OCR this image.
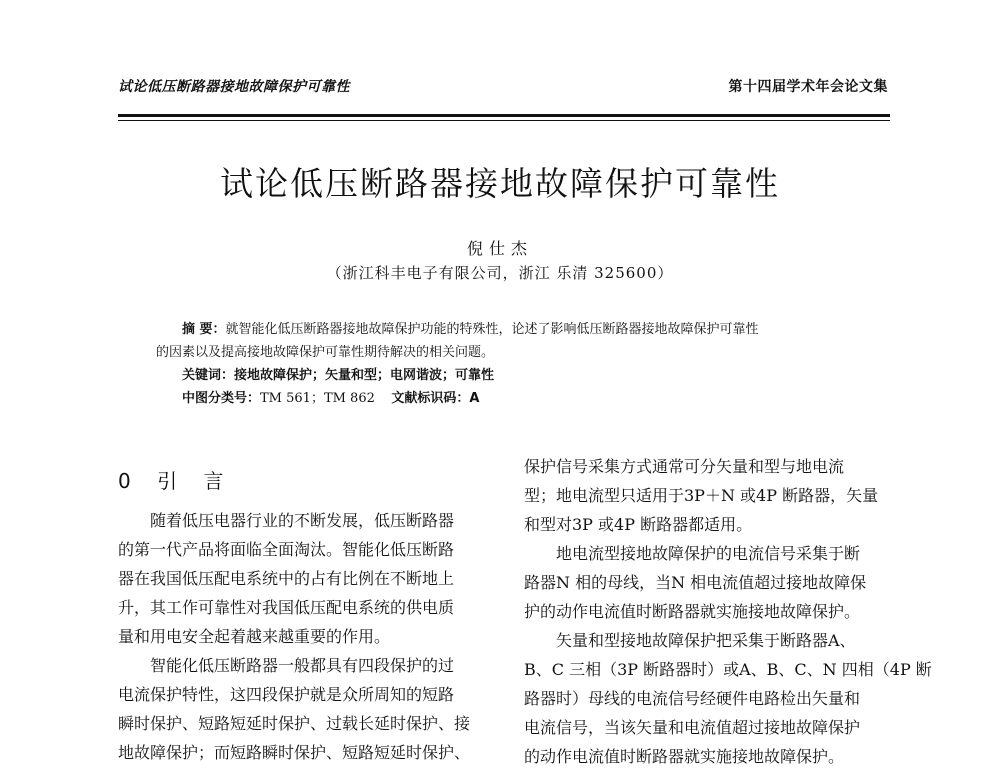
试论低压断路器接地故障保护可靠性	第十四届学术年会论文集
试论低压断路器接地故障保护可靠性
倪仕杰
（浙江科丰电子有限公司，浙江 乐清 325600）
摘 要：就智能化低压断路器接地故障保护功能的特殊性，论述了影响低压断路器接地故障保护可靠性
的因素以及提高接地故障保护可靠性期待解决的相关问题。
关键词：接地故障保护；矢量和型；电网谐波；可靠性
中图分类号：TM 561；TM 862 文献标识码：A
0 引 言
随着低压电器行业的不断发展，低压断路器
的第一代产品将面临全面淘汰。智能化低压断路
器在我国低压配电系统中的占有比例在不断地上
升，其工作可靠性对我国低压配电系统的供电质
量和用电安全起着越来越重要的作用。
智能化低压断路器一般都具有四段保护的过
电流保护特性，这四段保护就是众所周知的短路
瞬时保护、短路短延时保护、过载长延时保护、接
地故障保护；而短路瞬时保护、短路短延时保护、
保护信号采集方式通常可分矢量和型与地电流
型；地电流型只适用于3P＋N 或4P 断路器，矢量
和型对3P 或4P 断路器都适用。
地电流型接地故障保护的电流信号采集于断
路器N 相的母线，当N 相电流值超过接地故障保
护的动作电流值时断路器就实施接地故障保护。
矢量和型接地故障保护把采集于断路器A、
B、C 三相（3P 断路器时）或A、B、C、N 四相（4P 断
路器时）母线的电流信号经硬件电路检出矢量和
电流信号，当该矢量和电流值超过接地故障保护
的动作电流值时断路器就实施接地故障保护。
